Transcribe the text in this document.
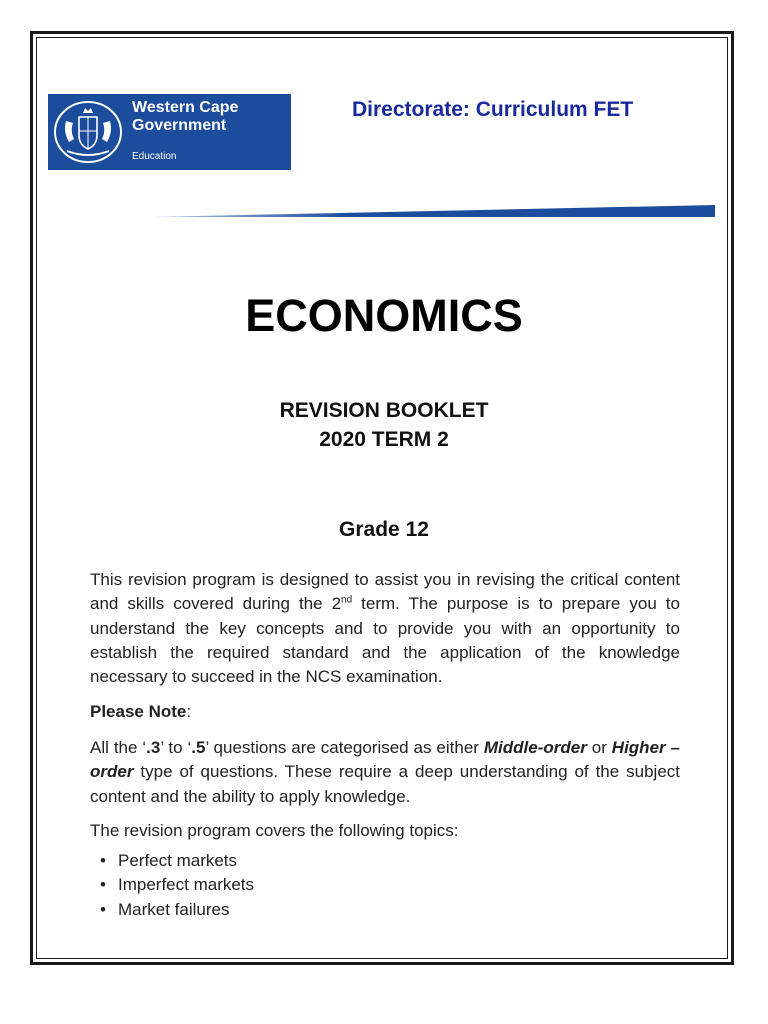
Western Cape
Government
Education
Directorate: Curriculum FET
ECONOMICS
REVISION BOOKLET
2020 TERM 2
Grade 12
This revision program is designed to assist you in revising the critical content and skills covered during the 2nd term. The purpose is to prepare you to understand the key concepts and to provide you with an opportunity to establish the required standard and the application of the knowledge necessary to succeed in the NCS examination.
Please Note:
All the ‘.3’ to ‘.5’ questions are categorised as either Middle-order or Higher – order type of questions. These require a deep understanding of the subject content and the ability to apply knowledge.
The revision program covers the following topics:
• Perfect markets
• Imperfect markets
• Market failures
